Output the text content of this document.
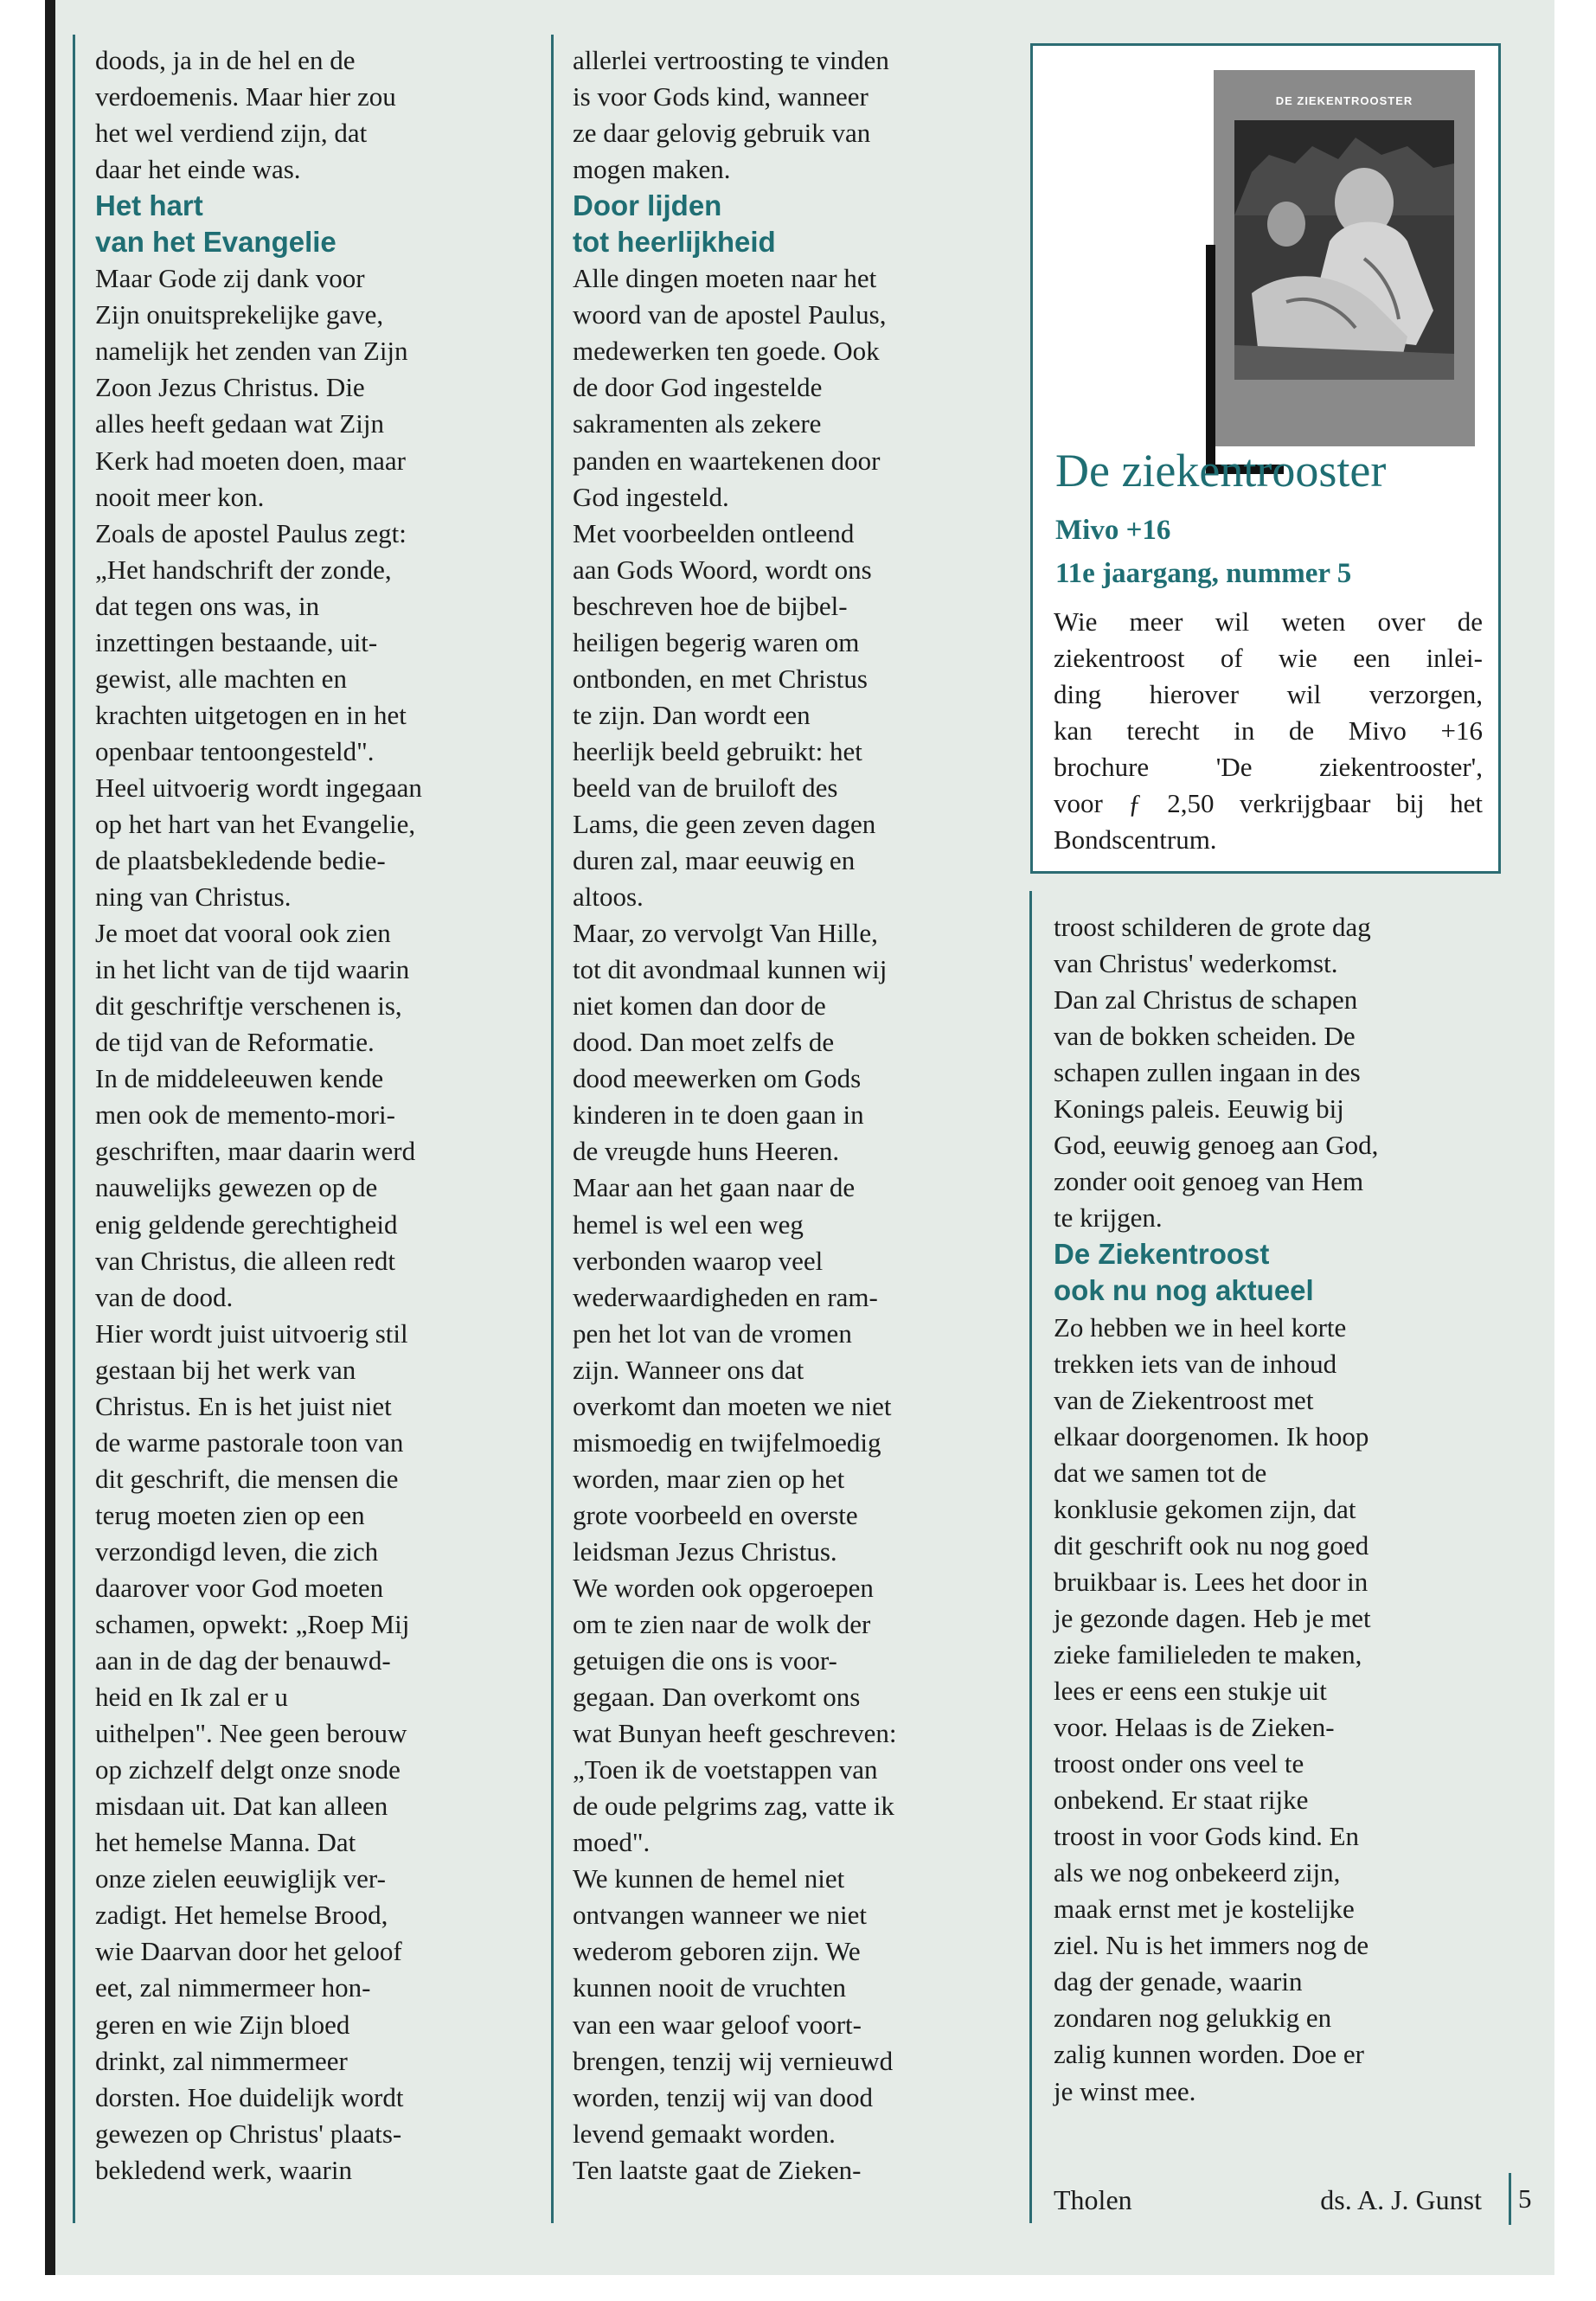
doods, ja in de hel en de
verdoemenis. Maar hier zou
het wel verdiend zijn, dat
daar het einde was.
Het hart
van het Evangelie
Maar Gode zij dank voor
Zijn onuitsprekelijke gave,
namelijk het zenden van Zijn
Zoon Jezus Christus. Die
alles heeft gedaan wat Zijn
Kerk had moeten doen, maar
nooit meer kon.
Zoals de apostel Paulus zegt:
„Het handschrift der zonde,
dat tegen ons was, in
inzettingen bestaande, uit-
gewist, alle machten en
krachten uitgetogen en in het
openbaar tentoongesteld".
Heel uitvoerig wordt ingegaan
op het hart van het Evangelie,
de plaatsbekledende bedie-
ning van Christus.
Je moet dat vooral ook zien
in het licht van de tijd waarin
dit geschriftje verschenen is,
de tijd van de Reformatie.
In de middeleeuwen kende
men ook de memento-mori-
geschriften, maar daarin werd
nauwelijks gewezen op de
enig geldende gerechtigheid
van Christus, die alleen redt
van de dood.
Hier wordt juist uitvoerig stil
gestaan bij het werk van
Christus. En is het juist niet
de warme pastorale toon van
dit geschrift, die mensen die
terug moeten zien op een
verzondigd leven, die zich
daarover voor God moeten
schamen, opwekt: „Roep Mij
aan in de dag der benauwd-
heid en Ik zal er u
uithelpen". Nee geen berouw
op zichzelf delgt onze snode
misdaan uit. Dat kan alleen
het hemelse Manna. Dat
onze zielen eeuwiglijk ver-
zadigt. Het hemelse Brood,
wie Daarvan door het geloof
eet, zal nimmermeer hon-
geren en wie Zijn bloed
drinkt, zal nimmermeer
dorsten. Hoe duidelijk wordt
gewezen op Christus' plaats-
bekledend werk, waarin
allerlei vertroosting te vinden
is voor Gods kind, wanneer
ze daar gelovig gebruik van
mogen maken.
Door lijden
tot heerlijkheid
Alle dingen moeten naar het
woord van de apostel Paulus,
medewerken ten goede. Ook
de door God ingestelde
sakramenten als zekere
panden en waartekenen door
God ingesteld.
Met voorbeelden ontleend
aan Gods Woord, wordt ons
beschreven hoe de bijbel-
heiligen begerig waren om
ontbonden, en met Christus
te zijn. Dan wordt een
heerlijk beeld gebruikt: het
beeld van de bruiloft des
Lams, die geen zeven dagen
duren zal, maar eeuwig en
altoos.
Maar, zo vervolgt Van Hille,
tot dit avondmaal kunnen wij
niet komen dan door de
dood. Dan moet zelfs de
dood meewerken om Gods
kinderen in te doen gaan in
de vreugde huns Heeren.
Maar aan het gaan naar de
hemel is wel een weg
verbonden waarop veel
wederwaardigheden en ram-
pen het lot van de vromen
zijn. Wanneer ons dat
overkomt dan moeten we niet
mismoedig en twijfelmoedig
worden, maar zien op het
grote voorbeeld en overste
leidsman Jezus Christus.
We worden ook opgeroepen
om te zien naar de wolk der
getuigen die ons is voor-
gegaan. Dan overkomt ons
wat Bunyan heeft geschreven:
„Toen ik de voetstappen van
de oude pelgrims zag, vatte ik
moed".
We kunnen de hemel niet
ontvangen wanneer we niet
wederom geboren zijn. We
kunnen nooit de vruchten
van een waar geloof voort-
brengen, tenzij wij vernieuwd
worden, tenzij wij van dood
levend gemaakt worden.
Ten laatste gaat de Zieken-
DE ZIEKENTROOSTER
De ziekentrooster
Mivo +16
11e jaargang, nummer 5
Wie meer wil weten over de
ziekentroost of wie een inlei-
ding hierover wil verzorgen,
kan terecht in de Mivo +16
brochure 'De ziekentrooster',
voor ƒ 2,50 verkrijgbaar bij het
Bondscentrum.
troost schilderen de grote dag
van Christus' wederkomst.
Dan zal Christus de schapen
van de bokken scheiden. De
schapen zullen ingaan in des
Konings paleis. Eeuwig bij
God, eeuwig genoeg aan God,
zonder ooit genoeg van Hem
te krijgen.
De Ziekentroost
ook nu nog aktueel
Zo hebben we in heel korte
trekken iets van de inhoud
van de Ziekentroost met
elkaar doorgenomen. Ik hoop
dat we samen tot de
konklusie gekomen zijn, dat
dit geschrift ook nu nog goed
bruikbaar is. Lees het door in
je gezonde dagen. Heb je met
zieke familieleden te maken,
lees er eens een stukje uit
voor. Helaas is de Zieken-
troost onder ons veel te
onbekend. Er staat rijke
troost in voor Gods kind. En
als we nog onbekeerd zijn,
maak ernst met je kostelijke
ziel. Nu is het immers nog de
dag der genade, waarin
zondaren nog gelukkig en
zalig kunnen worden. Doe er
je winst mee.
Tholen	ds. A. J. Gunst	5
